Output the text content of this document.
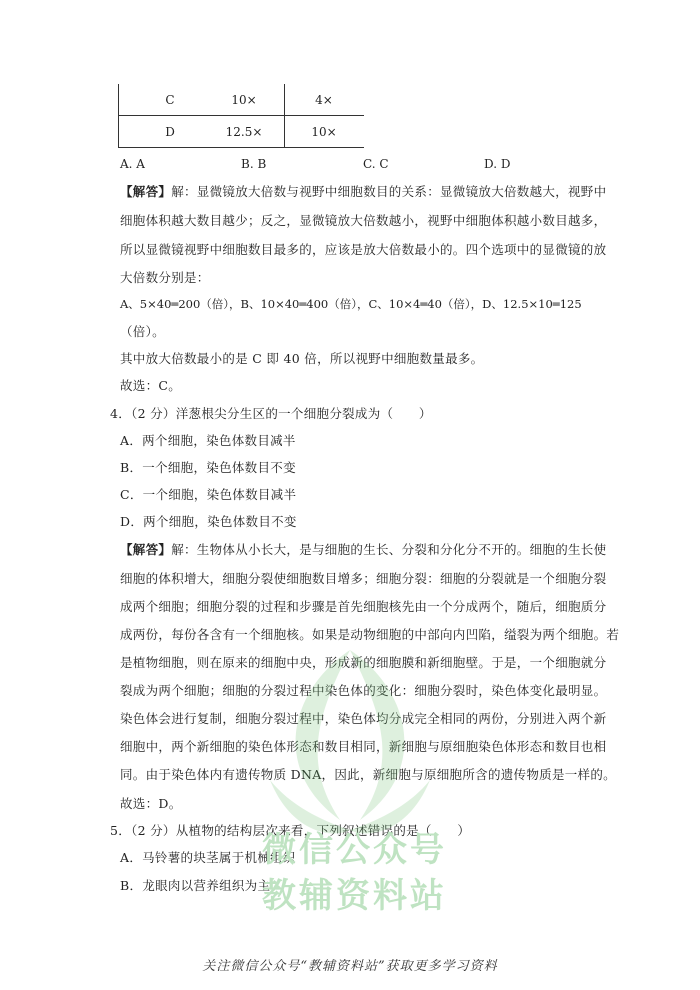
C	10×	4×
D	12.5×	10×
A. A	B. B	C. C	D. D
【解答】解：显微镜放大倍数与视野中细胞数目的关系：显微镜放大倍数越大，视野中
细胞体积越大数目越少；反之，显微镜放大倍数越小，视野中细胞体积越小数目越多，
所以显微镜视野中细胞数目最多的，应该是放大倍数最小的。四个选项中的显微镜的放
大倍数分别是：
A、5×40═200（倍），B、10×40═400（倍），C、10×4═40（倍），D、12.5×10═125
（倍）。
其中放大倍数最小的是 C 即 40 倍，所以视野中细胞数量最多。
故选：C。
4．（2 分）洋葱根尖分生区的一个细胞分裂成为（　　）
A．两个细胞，染色体数目减半
B．一个细胞，染色体数目不变
C．一个细胞，染色体数目减半
D．两个细胞，染色体数目不变
【解答】解：生物体从小长大，是与细胞的生长、分裂和分化分不开的。细胞的生长使
细胞的体积增大，细胞分裂使细胞数目增多；细胞分裂：细胞的分裂就是一个细胞分裂
成两个细胞；细胞分裂的过程和步骤是首先细胞核先由一个分成两个，随后，细胞质分
成两份，每份各含有一个细胞核。如果是动物细胞的中部向内凹陷，缢裂为两个细胞。若
是植物细胞，则在原来的细胞中央，形成新的细胞膜和新细胞壁。于是，一个细胞就分
裂成为两个细胞；细胞的分裂过程中染色体的变化：细胞分裂时，染色体变化最明显。
染色体会进行复制，细胞分裂过程中，染色体均分成完全相同的两份，分别进入两个新
细胞中，两个新细胞的染色体形态和数目相同，新细胞与原细胞染色体形态和数目也相
同。由于染色体内有遗传物质 DNA，因此，新细胞与原细胞所含的遗传物质是一样的。
故选：D。
5．（2 分）从植物的结构层次来看，下列叙述错误的是（　　）
A．马铃薯的块茎属于机械组织
B．龙眼肉以营养组织为主
微信公众号
教辅资料站
关注微信公众号“教辅资料站”获取更多学习资料
